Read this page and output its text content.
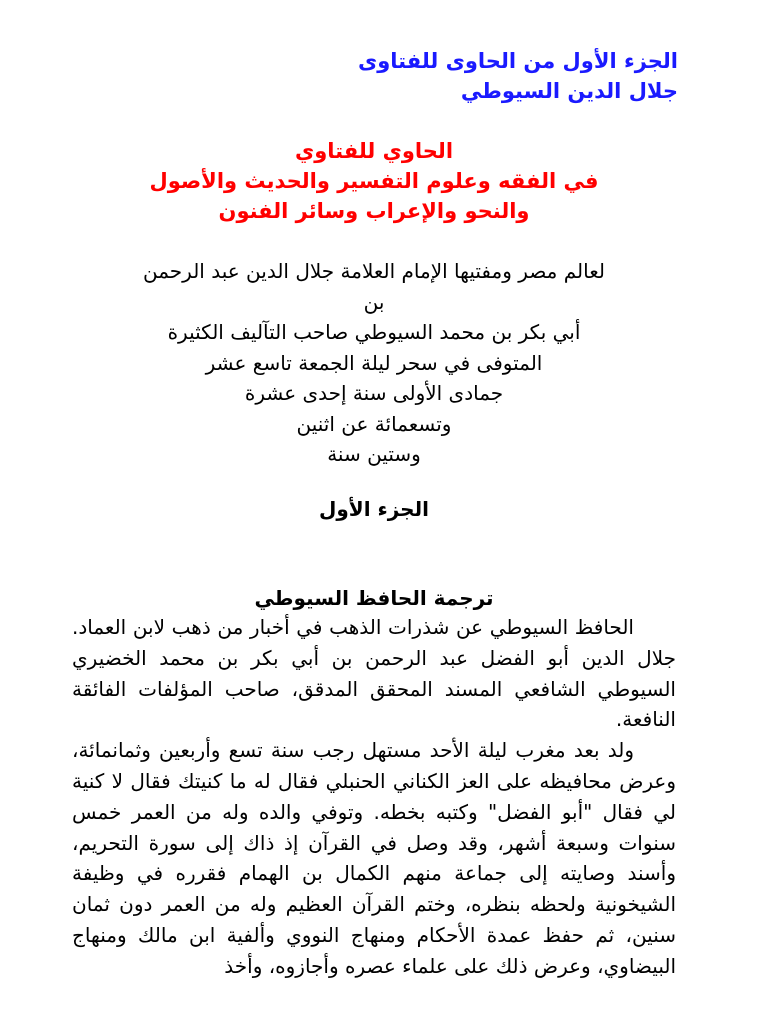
الجزء الأول من الحاوى للفتاوى
جلال الدين السيوطي
الحاوي للفتاوي
في الفقه وعلوم التفسير والحديث والأصول
والنحو والإعراب وسائر الفنون
لعالم مصر ومفتيها الإمام العلامة جلال الدين عبد الرحمن
بن
أبي بكر بن محمد السيوطي صاحب التآليف الكثيرة
المتوفى في سحر ليلة الجمعة تاسع عشر
جمادى الأولى سنة إحدى عشرة
وتسعمائة عن اثنين
وستين سنة
الجزء الأول
ترجمة الحافظ السيوطي

الحافظ السيوطي عن شذرات الذهب في أخبار من ذهب لابن العماد. جلال الدين أبو الفضل عبد الرحمن بن أبي بكر بن محمد الخضيري السيوطي الشافعي المسند المحقق المدقق، صاحب المؤلفات الفائقة النافعة.

ولد بعد مغرب ليلة الأحد مستهل رجب سنة تسع وأربعين وثمانمائة، وعرض محافيظه على العز الكناني الحنبلي فقال له ما كنيتك فقال لا كنية لي فقال "أبو الفضل" وكتبه بخطه. وتوفي والده وله من العمر خمس سنوات وسبعة أشهر، وقد وصل في القرآن إذ ذاك إلى سورة التحريم، وأسند وصايته إلى جماعة منهم الكمال بن الهمام فقرره في وظيفة الشيخونية ولحظه بنظره، وختم القرآن العظيم وله من العمر دون ثمان سنين، ثم حفظ عمدة الأحكام ومنهاج النووي وألفية ابن مالك ومنهاج البيضاوي، وعرض ذلك على علماء عصره وأجازوه، وأخذ
